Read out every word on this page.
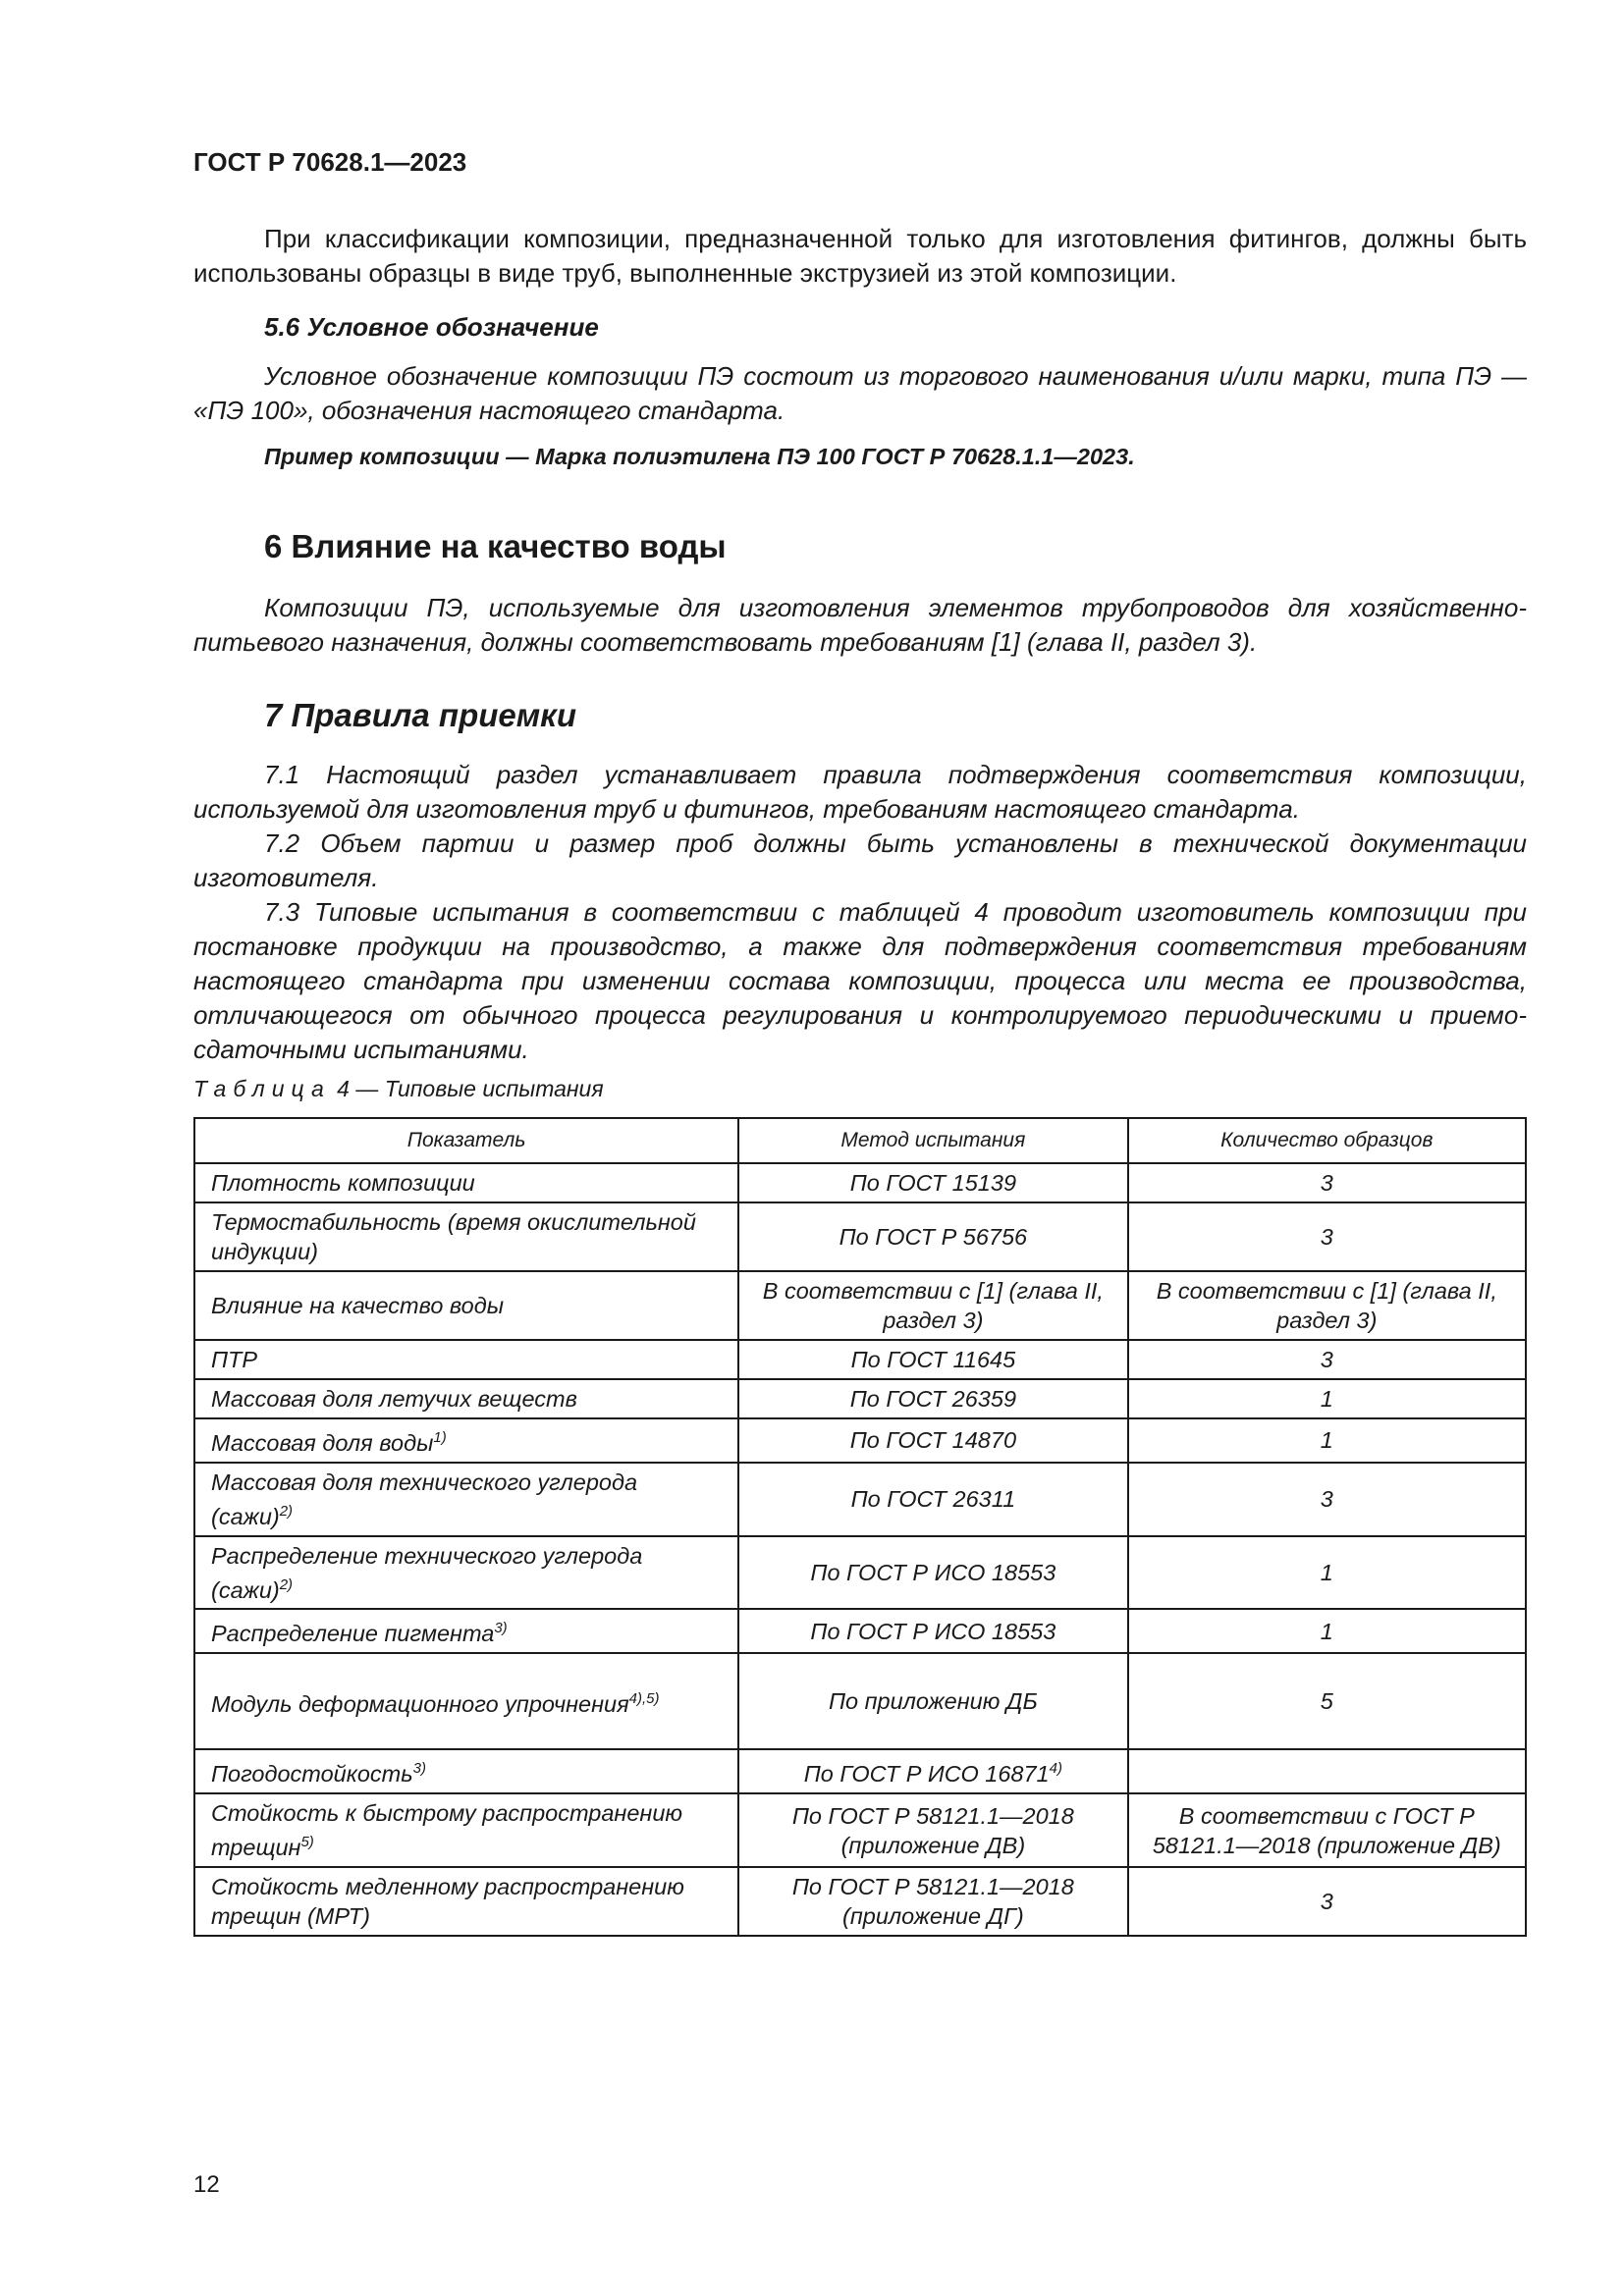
ГОСТ Р 70628.1—2023
При классификации композиции, предназначенной только для изготовления фитингов, должны быть использованы образцы в виде труб, выполненные экструзией из этой композиции.
5.6 Условное обозначение
Условное обозначение композиции ПЭ состоит из торгового наименования и/или марки, типа ПЭ — «ПЭ 100», обозначения настоящего стандарта.
Пример композиции — Марка полиэтилена ПЭ 100 ГОСТ Р 70628.1.1—2023.
6 Влияние на качество воды
Композиции ПЭ, используемые для изготовления элементов трубопроводов для хозяйственно-питьевого назначения, должны соответствовать требованиям [1] (глава II, раздел 3).
7 Правила приемки

7.1 Настоящий раздел устанавливает правила подтверждения соответствия композиции, используемой для изготовления труб и фитингов, требованиям настоящего стандарта.

7.2 Объем партии и размер проб должны быть установлены в технической документации изготовителя.

7.3 Типовые испытания в соответствии с таблицей 4 проводит изготовитель композиции при постановке продукции на производство, а также для подтверждения соответствия требованиям настоящего стандарта при изменении состава композиции, процесса или места ее производства, отличающегося от обычного процесса регулирования и контролируемого периодическими и приемо-сдаточными испытаниями.

Таблица 4 — Типовые испытания
Показатель	Метод испытания	Количество образцов
Плотность композиции	По ГОСТ 15139	3
Термостабильность (время окислительной индукции)	По ГОСТ Р 56756	3
Влияние на качество воды	В соответствии с [1] (глава II, раздел 3)	В соответствии с [1] (глава II, раздел 3)
ПТР	По ГОСТ 11645	3
Массовая доля летучих веществ	По ГОСТ 26359	1
Массовая доля воды$^{1)}$	По ГОСТ 14870	1
Массовая доля технического углерода (сажи)$^{2)}$	По ГОСТ 26311	3
Распределение технического углерода (сажи)$^{2)}$	По ГОСТ Р ИСО 18553	1
Распределение пигмента$^{3)}$	По ГОСТ Р ИСО 18553	1
Модуль деформационного упрочнения$^{4),5)}$	По приложению ДБ	5
Погодостойкость$^{3)}$	По ГОСТ Р ИСО 16871$^{4)}$	
Стойкость к быстрому распространению трещин$^{5)}$	По ГОСТ Р 58121.1—2018 (приложение ДВ)	В соответствии с ГОСТ Р 58121.1—2018 (приложение ДВ)
Стойкость медленному распространению трещин (МРТ)	По ГОСТ Р 58121.1—2018 (приложение ДГ)	3
12
